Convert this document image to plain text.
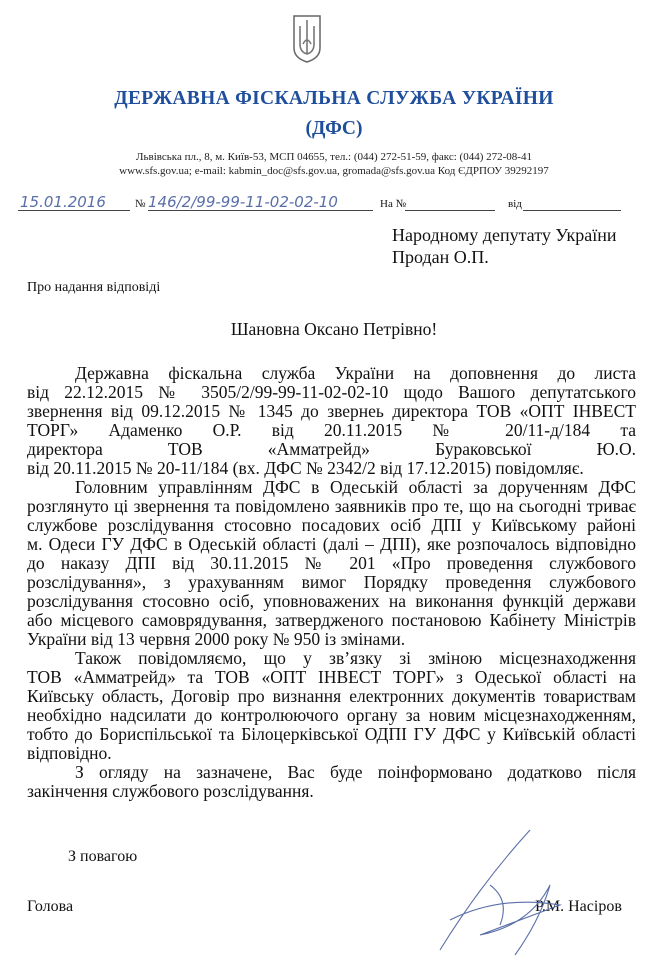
ДЕРЖАВНА ФІСКАЛЬНА СЛУЖБА УКРАЇНИ
(ДФС)
Львівська пл., 8, м. Київ-53, МСП 04655, тел.: (044) 272-51-59, факс: (044) 272-08-41
www.sfs.gov.ua; e-mail: kabmin_doc@sfs.gov.ua, gromada@sfs.gov.ua Код ЄДРПОУ 39292197
15.01.2016	№ 146/2/99-99-11-02-02-10	На №	від
Народному депутату України
Продан О.П.
Про надання відповіді
Шановна Оксано Петрівно!
Державна фіскальна служба України на доповнення до листа
від 22.12.2015 № 3505/2/99-99-11-02-02-10 щодо Вашого депутатського
звернення від 09.12.2015 № 1345 до звернеь директора ТОВ «ОПТ ІНВЕСТ
ТОРГ» Адаменко О.Р. від 20.11.2015 № 20/11-д/184 та
директора ТОВ «Амматрейд» Бураковської Ю.О.
від 20.11.2015 № 20-11/184 (вх. ДФС № 2342/2 від 17.12.2015) повідомляє.
Головним управлінням ДФС в Одеській області за дорученням ДФС
розглянуто ці звернення та повідомлено заявників про те, що на сьогодні триває
службове розслідування стосовно посадових осіб ДПІ у Київському районі
м. Одеси ГУ ДФС в Одеській області (далі – ДПІ), яке розпочалось відповідно
до наказу ДПІ від 30.11.2015 № 201 «Про проведення службового
розслідування», з урахуванням вимог Порядку проведення службового
розслідування стосовно осіб, уповноважених на виконання функцій держави
або місцевого самоврядування, затвердженого постановою Кабінету Міністрів
України від 13 червня 2000 року № 950 із змінами.
Також повідомляємо, що у зв’язку зі зміною місцезнаходження
ТОВ «Амматрейд» та ТОВ «ОПТ ІНВЕСТ ТОРГ» з Одеської області на
Київську область, Договір про визнання електронних документів товариствам
необхідно надсилати до контролюючого органу за новим місцезнаходженням,
тобто до Бориспільської та Білоцерківської ОДПІ ГУ ДФС у Київській області
відповідно.
З огляду на зазначене, Вас буде поінформовано додатково після
закінчення службового розслідування.
З повагою
Голова	Р.М. Насіров
